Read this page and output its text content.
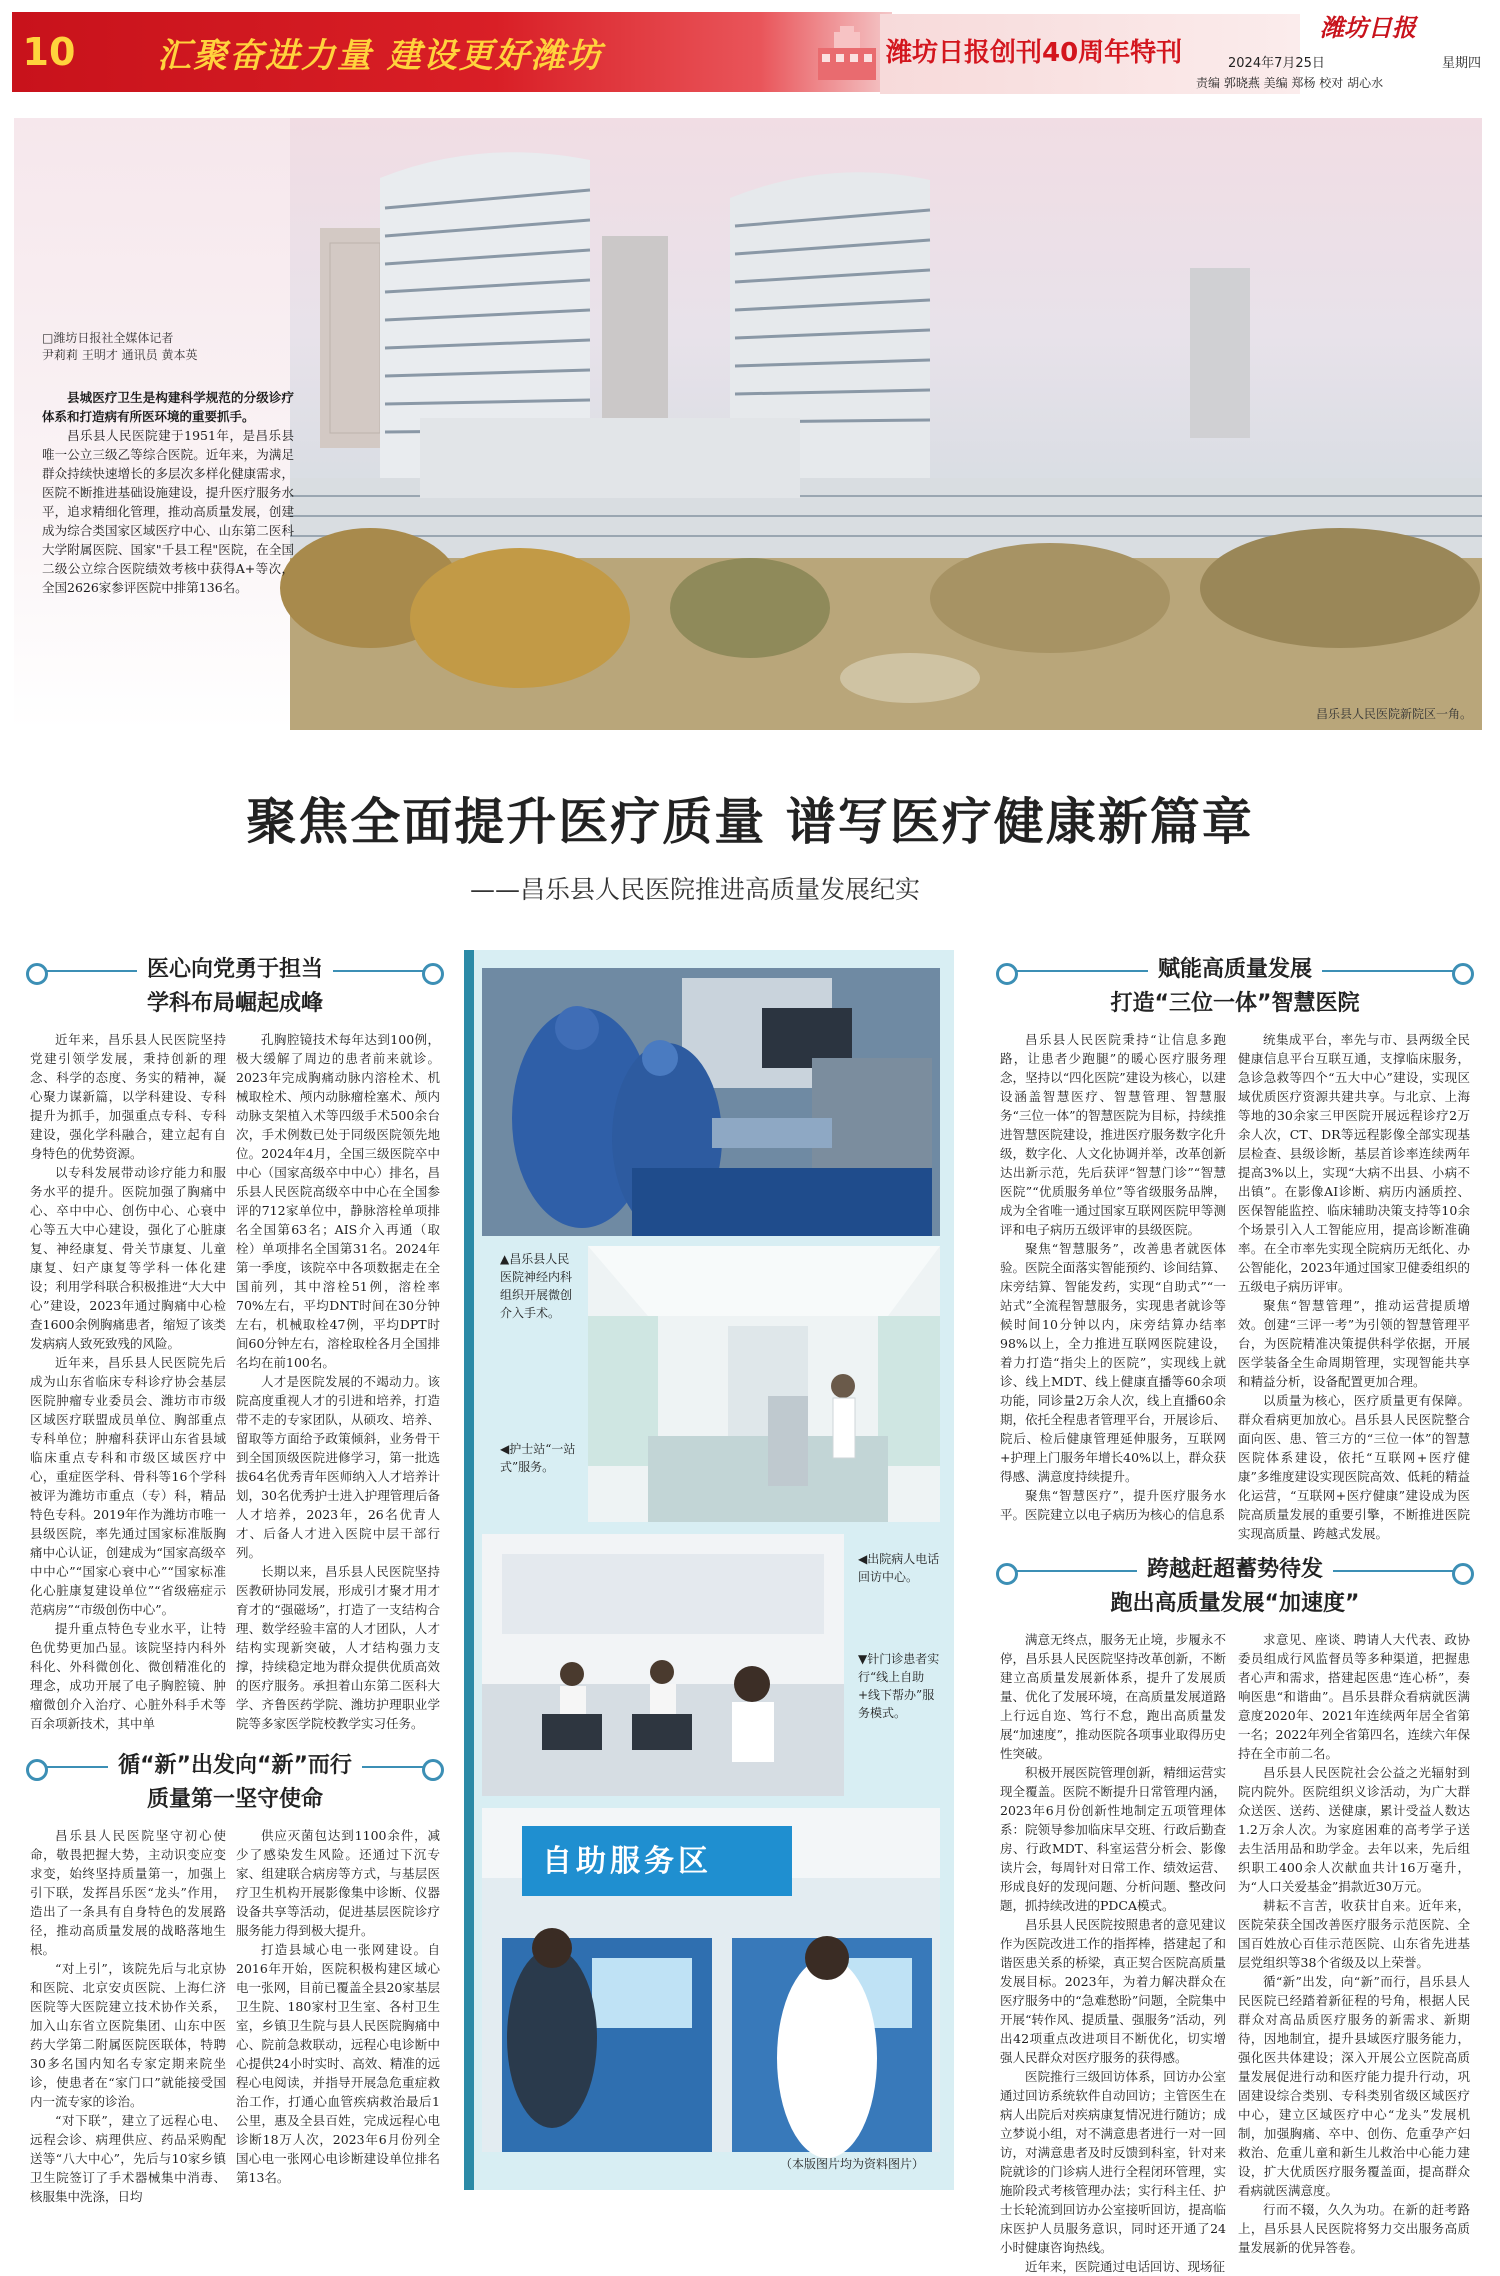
10 汇聚奋进力量 建设更好潍坊	潍坊日报创刊40周年特刊
潍坊日报
2024年7月25日	星期四
责编 郭晓燕 美编 郑杨 校对 胡心水
昌乐县人民医院新院区一角。
□ 潍坊日报社全媒体记者
尹莉莉 王明才 通讯员 黄本英

县城医疗卫生是构建科学规范的分级诊疗体系和打造病有所医环境的重要抓手。

昌乐县人民医院建于1951年，是昌乐县唯一公立三级乙等综合医院。近年来，为满足群众持续快速增长的多层次多样化健康需求，医院不断推进基础设施建设，提升医疗服务水平，追求精细化管理，推动高质量发展，创建成为综合类国家区域医疗中心、山东第二医科大学附属医院、国家"千县工程"医院，在全国二级公立综合医院绩效考核中获得A+等次，全国2626家参评医院中排第136名。

聚焦全面提升医疗质量 谱写医疗健康新篇章
——昌乐县人民医院推进高质量发展纪实
医心向党勇于担当
学科布局崛起成峰

近年来，昌乐县人民医院坚持党建引领学发展，秉持创新的理念、科学的态度、务实的精神，凝心聚力谋新篇，以学科建设、专科提升为抓手，加强重点专科、专科建设，强化学科融合，建立起有自身特色的优势资源。

以专科发展带动诊疗能力和服务水平的提升。医院加强了胸痛中心、卒中中心、创伤中心、心衰中心等五大中心建设，强化了心脏康复、神经康复、骨关节康复、儿童康复、妇产康复等学科一体化建设；利用学科联合积极推进“大大中心”建设，2023年通过胸痛中心检查1600余例胸痛患者，缩短了该类发病病人致死致残的风险。

近年来，昌乐县人民医院先后成为山东省临床专科诊疗协会基层医院肿瘤专业委员会、潍坊市市级区域医疗联盟成员单位、胸部重点专科单位；肿瘤科获评山东省县域临床重点专科和市级区域医疗中心，重症医学科、骨科等16个学科被评为潍坊市重点（专）科，精品特色专科。2019年作为潍坊市唯一县级医院，率先通过国家标准版胸痛中心认证，创建成为“国家高级卒中中心”“国家心衰中心”“国家标准化心脏康复建设单位”“省级癌症示范病房”“市级创伤中心”。

提升重点特色专业水平，让特色优势更加凸显。该院坚持内科外科化、外科微创化、微创精准化的理念，成功开展了电子胸腔镜、肿瘤微创介入治疗、心脏外科手术等百余项新技术，其中单

孔胸腔镜技术每年达到100例，极大缓解了周边的患者前来就诊。2023年完成胸痛动脉内溶栓术、机械取栓术、颅内动脉瘤栓塞术、颅内动脉支架植入术等四级手术500余台次，手术例数已处于同级医院领先地位。2024年4月，全国三级医院卒中中心（国家高级卒中中心）排名，昌乐县人民医院高级卒中中心在全国参评的712家单位中，静脉溶栓单项排名全国第63名；AIS介入再通（取栓）单项排名全国第31名。2024年第一季度，该院卒中各项数据走在全国前列，其中溶栓51例，溶栓率70%左右，平均DNT时间在30分钟左右，机械取栓47例，平均DPT时间60分钟左右，溶栓取栓各月全国排名均在前100名。

人才是医院发展的不竭动力。该院高度重视人才的引进和培养，打造带不走的专家团队，从硕攻、培养、留取等方面给予政策倾斜，业务骨干到全国顶级医院进修学习，第一批选拔64名优秀青年医师纳入人才培养计划，30名优秀护士进入护理管理后备人才培养，2023年，26名优青人才、后备人才进入医院中层干部行列。

长期以来，昌乐县人民医院坚持医教研协同发展，形成引才聚才用才育才的“强磁场”，打造了一支结构合理、数学经验丰富的人才团队，人才结构实现新突破，人才结构强力支撑，持续稳定地为群众提供优质高效的医疗服务。承担着山东第二医科大学、齐鲁医药学院、潍坊护理职业学院等多家医学院校教学实习任务。

循“新”出发向“新”而行
质量第一坚守使命

昌乐县人民医院坚守初心使命，敬畏把握大势，主动识变应变求变，始终坚持质量第一，加强上引下联，发挥昌乐医“龙头”作用，造出了一条具有自身特色的发展路径，推动高质量发展的战略落地生根。

“对上引”，该院先后与北京协和医院、北京安贞医院、上海仁济医院等大医院建立技术协作关系，加入山东省立医院集团、山东中医药大学第二附属医院医联体，特聘30多名国内知名专家定期来院坐诊，使患者在“家门口”就能接受国内一流专家的诊治。

“对下联”，建立了远程心电、远程会诊、病理供应、药品采购配送等“八大中心”，先后与10家乡镇卫生院签订了手术器械集中消毒、核服集中洗涤，日均

供应灭菌包达到1100余件，减少了感染发生风险。还通过下沉专家、组建联合病房等方式，与基层医疗卫生机构开展影像集中诊断、仪器设备共享等活动，促进基层医院诊疗服务能力得到极大提升。

打造县域心电一张网建设。自2016年开始，医院积极构建区域心电一张网，目前已覆盖全县20家基层卫生院、180家村卫生室、各村卫生室，乡镇卫生院与县人民医院胸痛中心、院前急救联动，远程心电诊断中心提供24小时实时、高效、精准的远程心电阅读，并指导开展急危重症救治工作，打通心血管疾病救治最后1公里，惠及全县百姓，完成远程心电诊断18万人次，2023年6月份列全国心电一张网心电诊断建设单位排名第13名。

▲昌乐县人民医院神经内科组织开展微创介入手术。
◀护士站“一站式”服务。
◀出院病人电话回访中心。
▼针门诊患者实行“线上自助+线下帮办”服务模式。
自助服务区
（本版图片均为资料图片）
赋能高质量发展
打造“三位一体”智慧医院

昌乐县人民医院秉持“让信息多跑路，让患者少跑腿”的暖心医疗服务理念，坚持以“四化医院”建设为核心，以建设涵盖智慧医疗、智慧管理、智慧服务“三位一体”的智慧医院为目标，持续推进智慧医院建设，推进医疗服务数字化升级，数字化、人文化协调并举，改革创新达出新示范，先后获评“智慧门诊”“智慧医院”“优质服务单位”等省级服务品牌，成为全省唯一通过国家互联网医院甲等测评和电子病历五级评审的县级医院。

聚焦“智慧服务”，改善患者就医体验。医院全面落实智能预约、诊间结算、床旁结算、智能发药，实现“自助式”“一站式”全流程智慧服务，实现患者就诊等候时间10分钟以内，床旁结算办结率98%以上，全力推进互联网医院建设，着力打造“指尖上的医院”，实现线上就诊、线上MDT、线上健康直播等60余项功能，同诊量2万余人次，线上直播60余期，依托全程患者管理平台，开展诊后、院后、检后健康管理延伸服务，互联网+护理上门服务年增长40%以上，群众获得感、满意度持续提升。

聚焦“智慧医疗”，提升医疗服务水平。医院建立以电子病历为核心的信息系

统集成平台，率先与市、县两级全民健康信息平台互联互通，支撑临床服务，急诊急救等四个“五大中心”建设，实现区域优质医疗资源共建共享。与北京、上海等地的30余家三甲医院开展远程诊疗2万余人次，CT、DR等远程影像全部实现基层检查、县级诊断，基层首诊率连续两年提高3%以上，实现“大病不出县、小病不出镇”。在影像AI诊断、病历内涵质控、医保智能监控、临床辅助决策支持等10余个场景引入人工智能应用，提高诊断准确率。在全市率先实现全院病历无纸化、办公智能化，2023年通过国家卫健委组织的五级电子病历评审。

聚焦“智慧管理”，推动运营提质增效。创建“三评一考”为引领的智慧管理平台，为医院精准决策提供科学依据，开展医学装备全生命周期管理，实现智能共享和精益分析，设备配置更加合理。

以质量为核心，医疗质量更有保障。群众看病更加放心。昌乐县人民医院整合面向医、患、管三方的“三位一体”的智慧医院体系建设，依托“互联网+医疗健康”多维度建设实现医院高效、低耗的精益化运营，“互联网+医疗健康”建设成为医院高质量发展的重要引擎，不断推进医院实现高质量、跨越式发展。

跨越赶超蓄势待发
跑出高质量发展“加速度”

满意无终点，服务无止境，步履永不停，昌乐县人民医院坚持改革创新，不断建立高质量发展新体系，提升了发展质量、优化了发展环境，在高质量发展道路上行远自迩、笃行不怠，跑出高质量发展“加速度”，推动医院各项事业取得历史性突破。

积极开展医院管理创新，精细运营实现全覆盖。医院不断提升日常管理内涵，2023年6月份创新性地制定五项管理体系：院领导参加临床早交班、行政后勤查房、行政MDT、科室运营分析会、影像读片会，每周针对日常工作、绩效运营、形成良好的发现问题、分析问题、整改问题，抓持续改进的PDCA模式。

昌乐县人民医院按照患者的意见建议作为医院改进工作的指挥棒，搭建起了和谐医患关系的桥梁，真正契合医院高质量发展目标。2023年，为着力解决群众在医疗服务中的“急难愁盼”问题，全院集中开展“转作风、提质量、强服务”活动，列出42项重点改进项目不断优化，切实增强人民群众对医疗服务的获得感。

医院推行三级回访体系，回访办公室通过回访系统软件自动回访；主管医生在病人出院后对疾病康复情况进行随访；成立梦说小组，对不满意患者进行一对一回访，对满意患者及时反馈到科室，针对来院就诊的门诊病人进行全程闭环管理，实施阶段式考核管理办法；实行科主任、护士长轮流到回访办公室接听回访，提高临床医护人员服务意识，同时还开通了24小时健康咨询热线。

近年来，医院通过电话回访、现场征

求意见、座谈、聘请人大代表、政协委员组成行风监督员等多种渠道，把握患者心声和需求，搭建起医患“连心桥”，奏响医患“和谐曲”。昌乐县群众看病就医满意度2020年、2021年连续两年居全省第一名；2022年列全省第四名，连续六年保持在全市前二名。

昌乐县人民医院社会公益之光辐射到院内院外。医院组织义诊活动，为广大群众送医、送药、送健康，累计受益人数达1.2万余人次。为家庭困难的高考学子送去生活用品和助学金。去年以来，先后组织职工400余人次献血共计16万毫升，为“人口关爱基金”捐款近30万元。

耕耘不言苦，收获甘自来。近年来，医院荣获全国改善医疗服务示范医院、全国百姓放心百佳示范医院、山东省先进基层党组织等38个省级及以上荣誉。

循“新”出发，向“新”而行，昌乐县人民医院已经踏着新征程的号角，根据人民群众对高品质医疗服务的新需求、新期待，因地制宜，提升县域医疗服务能力，强化医共体建设；深入开展公立医院高质量发展促进行动和医疗能力提升行动，巩固建设综合类别、专科类别省级区域医疗中心，建立区域医疗中心“龙头”发展机制，加强胸痛、卒中、创伤、危重孕产妇救治、危重儿童和新生儿救治中心能力建设，扩大优质医疗服务覆盖面，提高群众看病就医满意度。

行而不辍，久久为功。在新的赶考路上，昌乐县人民医院将努力交出服务高质量发展新的优异答卷。
